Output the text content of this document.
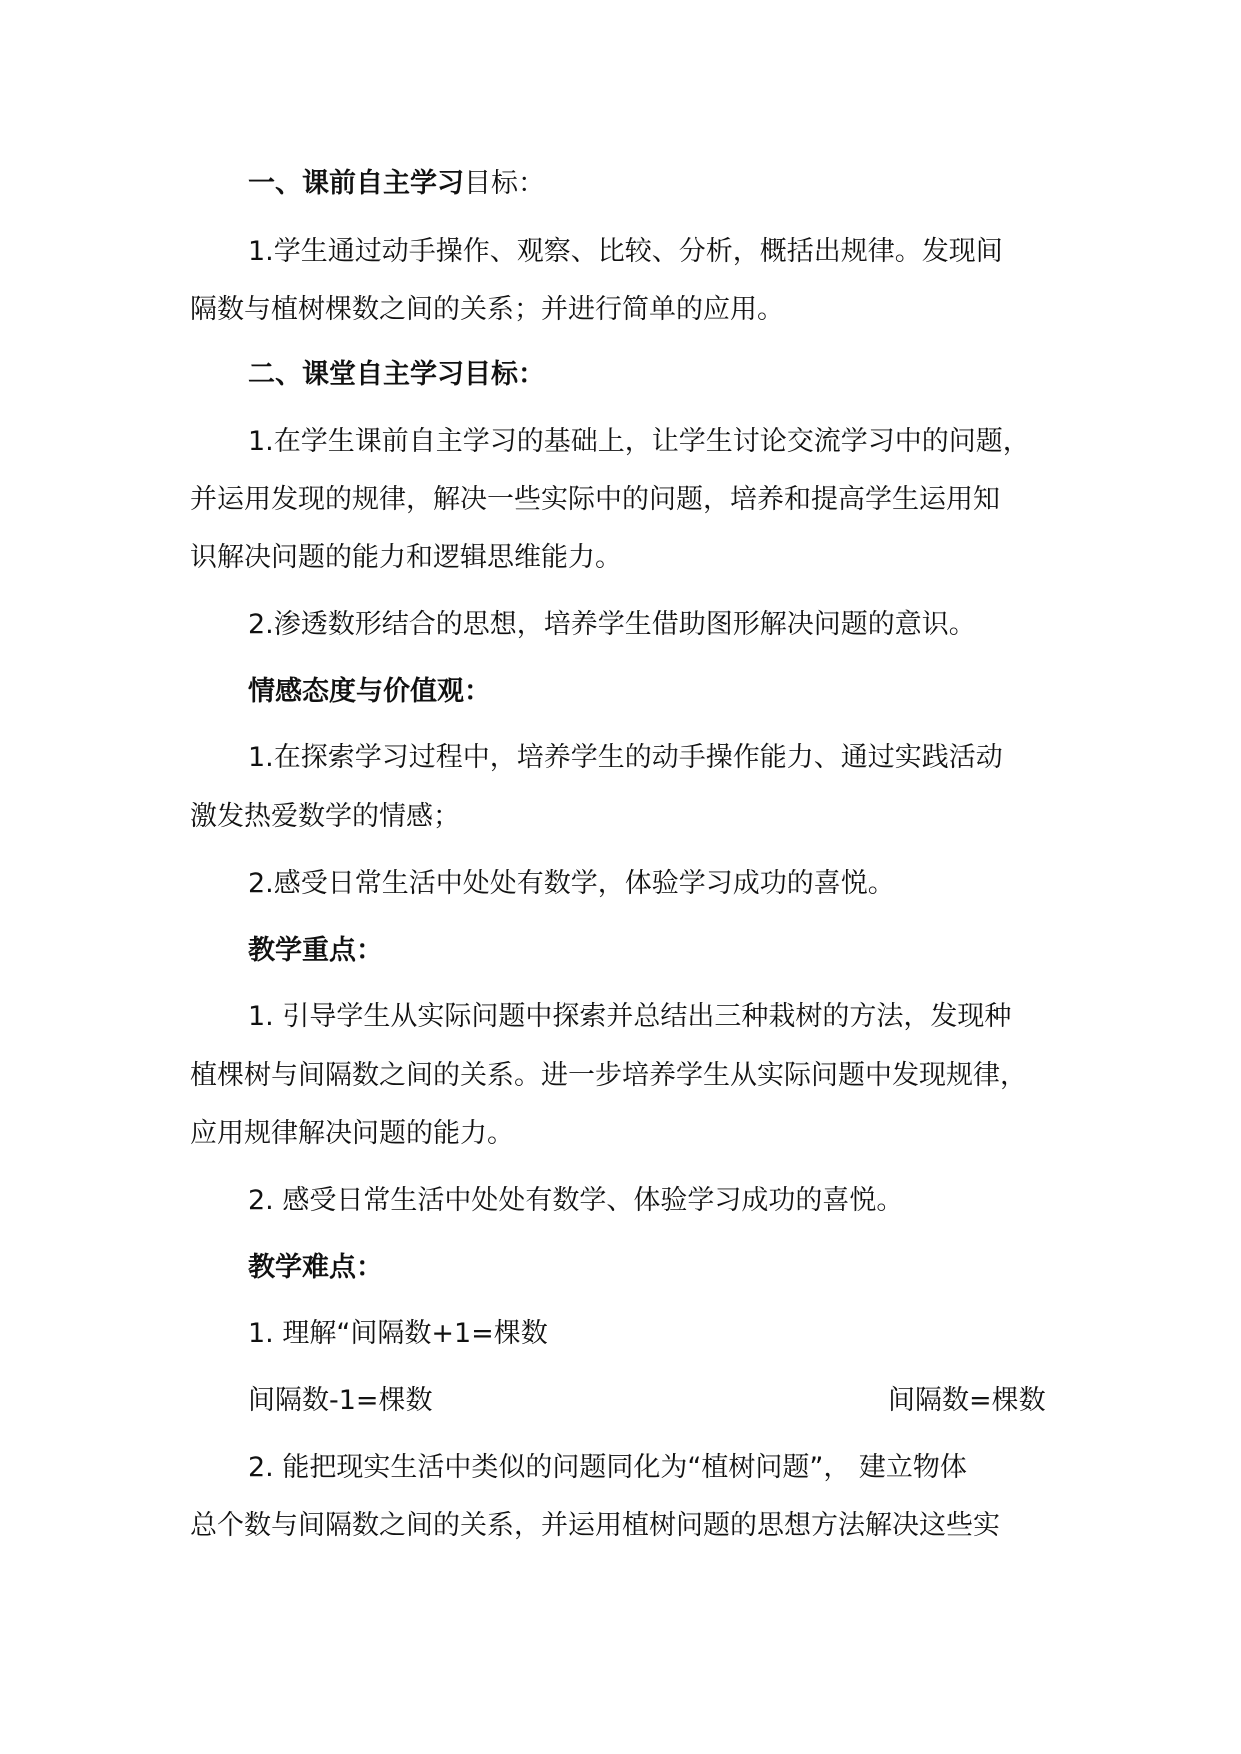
一、课前自主学习目标：
1.学生通过动手操作、观察、比较、分析，概括出规律。发现间
隔数与植树棵数之间的关系；并进行简单的应用。
二、课堂自主学习目标：
1.在学生课前自主学习的基础上，让学生讨论交流学习中的问题，
并运用发现的规律，解决一些实际中的问题，培养和提高学生运用知
识解决问题的能力和逻辑思维能力。
2.渗透数形结合的思想，培养学生借助图形解决问题的意识。
情感态度与价值观：
1.在探索学习过程中，培养学生的动手操作能力、通过实践活动
激发热爱数学的情感；
2.感受日常生活中处处有数学，体验学习成功的喜悦。
教学重点：
1. 引导学生从实际问题中探索并总结出三种栽树的方法，发现种
植棵树与间隔数之间的关系。进一步培养学生从实际问题中发现规律，
应用规律解决问题的能力。
2. 感受日常生活中处处有数学、体验学习成功的喜悦。
教学难点：
1. 理解“间隔数+1=棵数
间隔数-1=棵数	间隔数=棵数
2. 能把现实生活中类似的问题同化为“植树问题”， 建立物体
总个数与间隔数之间的关系，并运用植树问题的思想方法解决这些实
